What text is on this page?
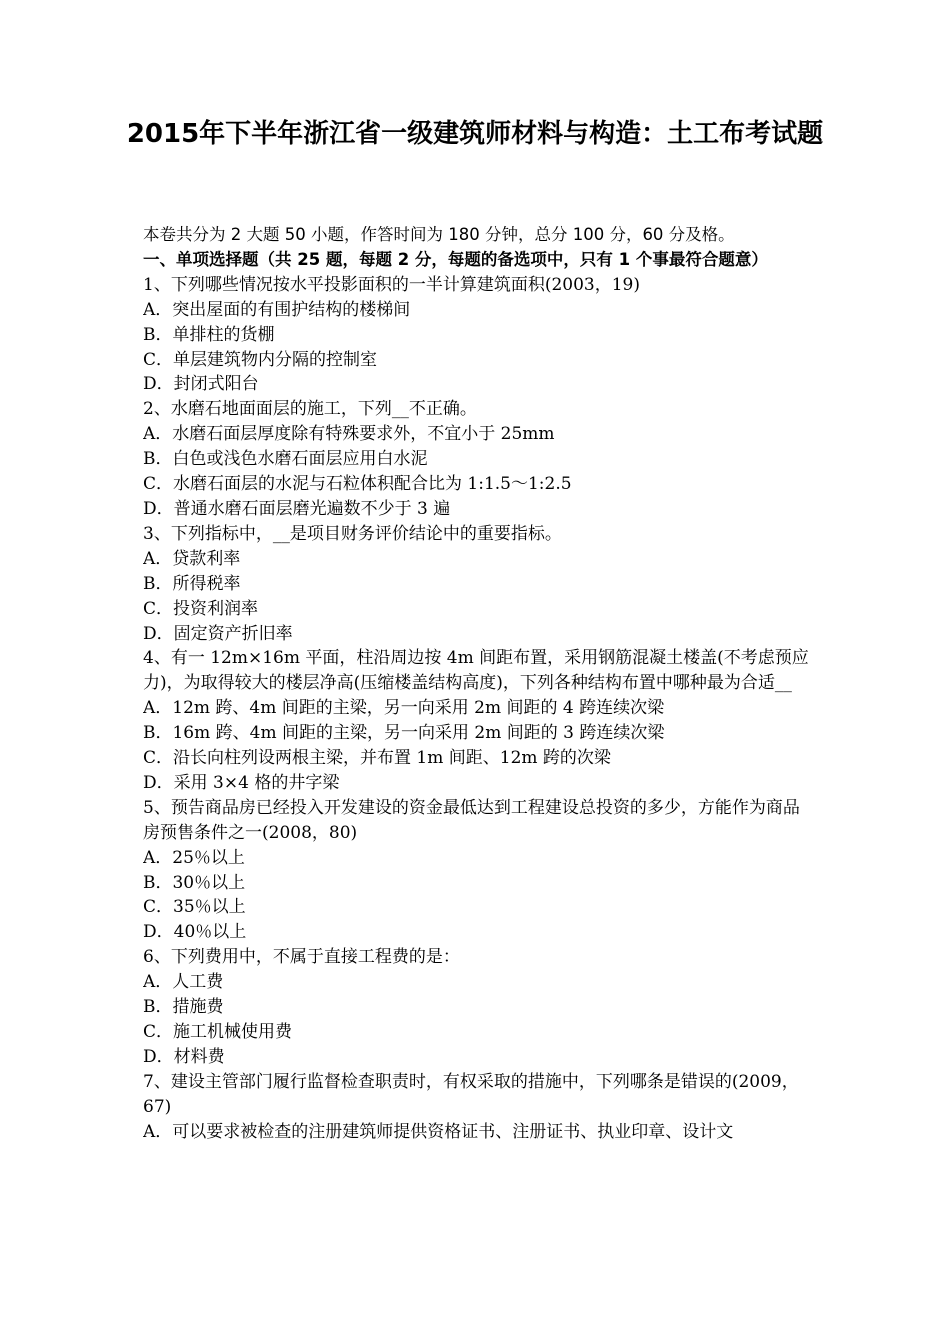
2015年下半年浙江省一级建筑师材料与构造：土工布考试题

本卷共分为 2 大题 50 小题，作答时间为 180 分钟，总分 100 分，60 分及格。

一、单项选择题（共 25 题，每题 2 分，每题的备选项中，只有 1 个事最符合题意）

1、下列哪些情况按水平投影面积的一半计算建筑面积(2003，19)

A．突出屋面的有围护结构的楼梯间

B．单排柱的货棚

C．单层建筑物内分隔的控制室

D．封闭式阳台

2、水磨石地面面层的施工，下列__不正确。

A．水磨石面层厚度除有特殊要求外，不宜小于 25mm

B．白色或浅色水磨石面层应用白水泥

C．水磨石面层的水泥与石粒体积配合比为 1:1.5～1:2.5

D．普通水磨石面层磨光遍数不少于 3 遍

3、下列指标中，__是项目财务评价结论中的重要指标。

A．贷款利率

B．所得税率

C．投资利润率

D．固定资产折旧率

4、有一 12m×16m 平面，柱沿周边按 4m 间距布置，采用钢筋混凝土楼盖(不考虑预应力)，为取得较大的楼层净高(压缩楼盖结构高度)，下列各种结构布置中哪种最为合适__

A．12m 跨、4m 间距的主梁，另一向采用 2m 间距的 4 跨连续次梁

B．16m 跨、4m 间距的主梁，另一向采用 2m 间距的 3 跨连续次梁

C．沿长向柱列设两根主梁，并布置 1m 间距、12m 跨的次梁

D．采用 3×4 格的井字梁

5、预告商品房已经投入开发建设的资金最低达到工程建设总投资的多少，方能作为商品房预售条件之一(2008，80)

A．25％以上

B．30％以上

C．35％以上

D．40％以上

6、下列费用中，不属于直接工程费的是：

A．人工费

B．措施费

C．施工机械使用费

D．材料费

7、建设主管部门履行监督检查职责时，有权采取的措施中，下列哪条是错误的(2009，67)

A．可以要求被检查的注册建筑师提供资格证书、注册证书、执业印章、设计文
